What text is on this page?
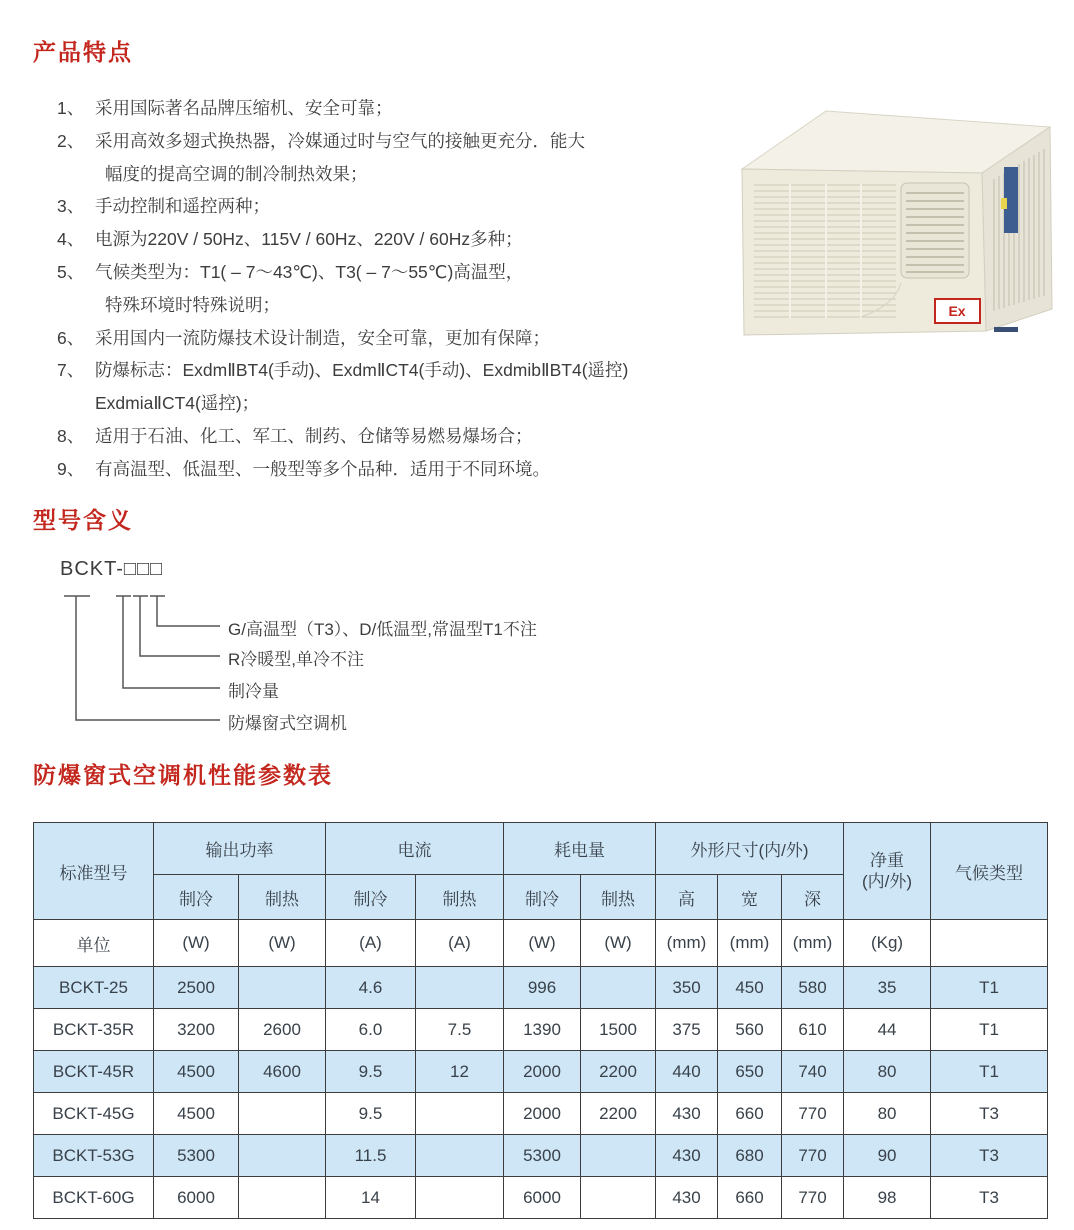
产品特点
1、 采用国际著名品牌压缩机、安全可靠；
2、 采用高效多翅式换热器，冷媒通过时与空气的接触更充分．能大
幅度的提高空调的制冷制热效果；
3、 手动控制和遥控两种；
4、 电源为220V / 50Hz、115V / 60Hz、220V / 60Hz多种；
5、 气候类型为：T1( – 7～43℃)、T3( – 7～55℃)高温型，
特殊环境时特殊说明；
6、 采用国内一流防爆技术设计制造，安全可靠，更加有保障；
7、 防爆标志：ExdmⅡBT4(手动)、ExdmⅡCT4(手动)、ExdmibⅡBT4(遥控)
ExdmiaⅡCT4(遥控)；
8、 适用于石油、化工、军工、制药、仓储等易燃易爆场合；
9、 有高温型、低温型、一般型等多个品种．适用于不同环境。
Ex
型号含义
BCKT-□□□
G/高温型（T3）、D/低温型,常温型T1不注
R冷暖型,单冷不注
制冷量
防爆窗式空调机
防爆窗式空调机性能参数表
标准型号	输出功率		电流		耗电量		外形尺寸(内/外)			净重
(内/外)	气候类型
	制冷	制热	制冷	制热	制冷	制热	高	宽	深		
单位	(W)	(W)	(A)	(A)	(W)	(W)	(mm)	(mm)	(mm)	(Kg)	
BCKT-25	2500		4.6		996		350	450	580	35	T1
BCKT-35R	3200	2600	6.0	7.5	1390	1500	375	560	610	44	T1
BCKT-45R	4500	4600	9.5	12	2000	2200	440	650	740	80	T1
BCKT-45G	4500		9.5		2000	2200	430	660	770	80	T3
BCKT-53G	5300		11.5		5300		430	680	770	90	T3
BCKT-60G	6000		14		6000		430	660	770	98	T3
